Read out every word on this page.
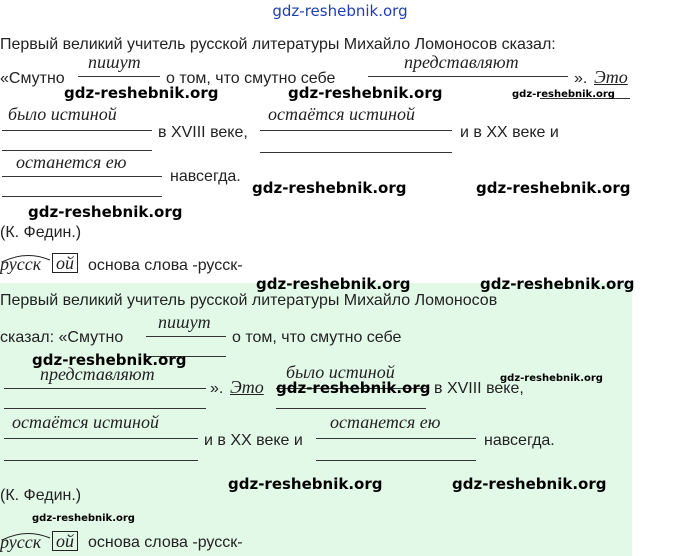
gdz-reshebnik.org
Первый великий учитель русской литературы Михайло Ломоносов сказал:
«Смутно
пишут
о том, что смутно себе
представляют
». Это
было истиной
в XVIII веке,
остаётся истиной
и в XX веке и
останется ею
навсегда.
(К. Федин.)
русск ой основа слова -русск-
Первый великий учитель русской литературы Михайло Ломоносов
сказал: «Смутно
пишут
о том, что смутно себе
представляют
». Это
было истиной
в XVIII веке,
остаётся истиной
и в XX веке и
останется ею
навсегда.
(К. Федин.)
русск ой основа слова -русск-
gdz-reshebnik.org	gdz-reshebnik.org	gdz-reshebnik.org
gdz-reshebnik.org	gdz-reshebnik.org
gdz-reshebnik.org
gdz-reshebnik.org	gdz-reshebnik.org
gdz-reshebnik.org
gdz-reshebnik.org
gdz-reshebnik.org
gdz-reshebnik.org	gdz-reshebnik.org
gdz-reshebnik.org
